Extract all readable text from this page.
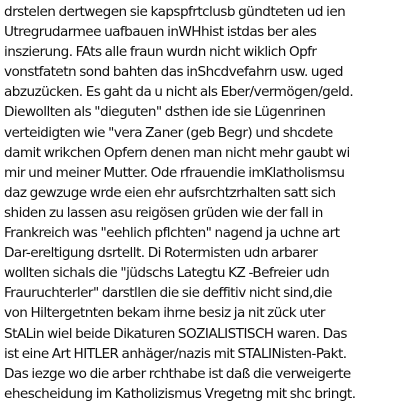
drstelen dertwegen sie kapspfrtclusb gündteten ud ien
Utregrudarmee uafbauen inWHhist istdas ber ales
inszierung. FAts alle fraun wurdn nicht wiklich Opfr
vonstfatetn sond bahten das inShcdvefahrn usw. uged
abzuzücken. Es gaht da u nicht als Eber/vermögen/geld.
Diewollten als "dieguten" dsthen ide sie Lügenrinen
verteidigten wie "vera Zaner (geb Begr) und shcdete
damit wrikchen Opfern denen man nicht mehr gaubt wi
mir und meiner Mutter. Ode rfrauendie imKlatholismsu
daz gewzuge wrde eien ehr aufsrchtzrhalten satt sich
shiden zu lassen asu reigösen grüden wie der fall in
Frankreich was "eehlich pflchten" nagend ja uchne art
Dar-ereltigung dsrtellt. Di Rotermisten udn arbarer
wollten sichals die "jüdschs Lategtu KZ -Befreier udn
Frauruchterler" darstllen die sie deffitiv nicht sind,die
von Hiltergetnten bekam ihrne besiz ja nit zück uter
StALin wiel beide Dikaturen SOZIALISTISCH waren. Das
ist eine Art HITLER anhäger/nazis mit STALINisten-Pakt.
Das iezge wo die arber rchthabe ist daß die verweigerte
ehescheidung im Katholizismus Vregetng mit shc bringt.
